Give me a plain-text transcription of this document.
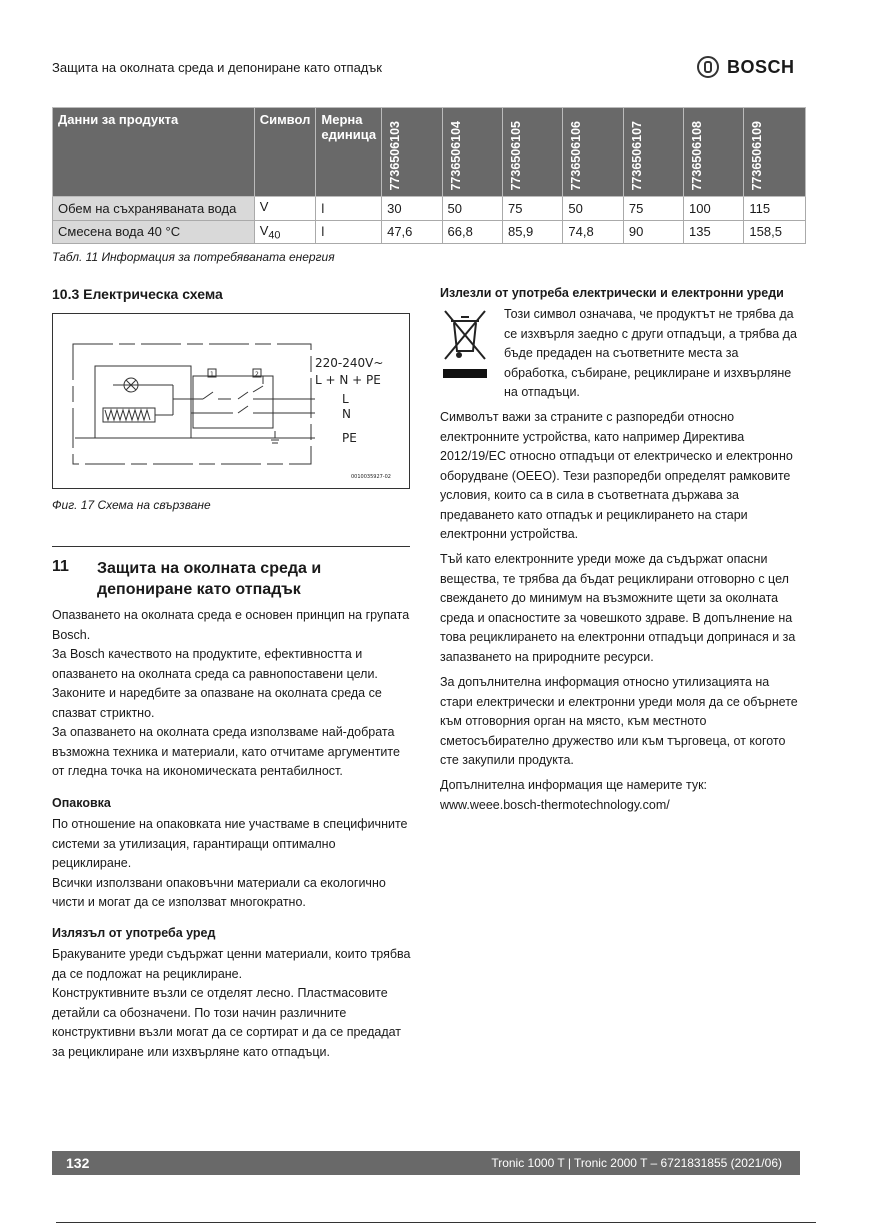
Защита на околната среда и депониране като отпадък	BOSCH
Данни за продукта	Символ	Мерна единица	7736506103	7736506104	7736506105	7736506106	7736506107	7736506108	7736506109
Обем на съхраняваната вода	V	l	30	50	75	50	75	100	115
Смесена вода 40 °C	$V_{40}$	l	47,6	66,8	85,9	74,8	90	135	158,5
Табл. 11 Информация за потребяваната енергия
10.3 Електрическа схема
220-240V~
L + N + PE
L
N
PE
1	2
0010035927-02
Фиг. 17 Схема на свързване
11 Защита на околната среда и депониране като отпадък
Опазването на околната среда е основен принцип на групата Bosch.
За Bosch качеството на продуктите, ефективността и опазването на околната среда са равнопоставени цели.
Законите и наредбите за опазване на околната среда се спазват стриктно.
За опазването на околната среда използваме най-добрата възможна техника и материали, като отчитаме аргументите от гледна точка на икономическата рентабилност.
Опаковка
По отношение на опаковката ние участваме в специфичните системи за утилизация, гарантиращи оптимално рециклиране.
Всички използвани опаковъчни материали са екологично чисти и могат да се използват многократно.
Излязъл от употреба уред
Бракуваните уреди съдържат ценни материали, които трябва да се подложат на рециклиране.
Конструктивните възли се отделят лесно. Пластмасовите детайли са обозначени. По този начин различните конструктивни възли могат да се сортират и да се предадат за рециклиране или изхвърляне като отпадъци.
Излезли от употреба електрически и електронни уреди
Този символ означава, че продуктът не трябва да се изхвърля заедно с други отпадъци, а трябва да бъде предаден на съответните места за обработка, събиране, рециклиране и изхвърляне на отпадъци.
Символът важи за страните с разпоредби относно електронните устройства, като например Директива 2012/19/EC относно отпадъци от електрическо и електронно оборудване (ОЕЕО). Тези разпоредби определят рамковите условия, които са в сила в съответната държава за предаването като отпадък и рециклирането на стари електронни устройства.
Тъй като електронните уреди може да съдържат опасни вещества, те трябва да бъдат рециклирани отговорно с цел свеждането до минимум на възможните щети за околната среда и опасностите за човешкото здраве. В допълнение на това рециклирането на електронни отпадъци допринася и за запазването на природните ресурси.
За допълнителна информация относно утилизацията на стари електрически и електронни уреди моля да се обърнете към отговорния орган на място, към местното сметосъбирателно дружество или към търговеца, от когото сте закупили продукта.
Допълнителна информация ще намерите тук:
www.weee.bosch-thermotechnology.com/
132	Tronic 1000 T | Tronic 2000 T – 6721831855 (2021/06)
